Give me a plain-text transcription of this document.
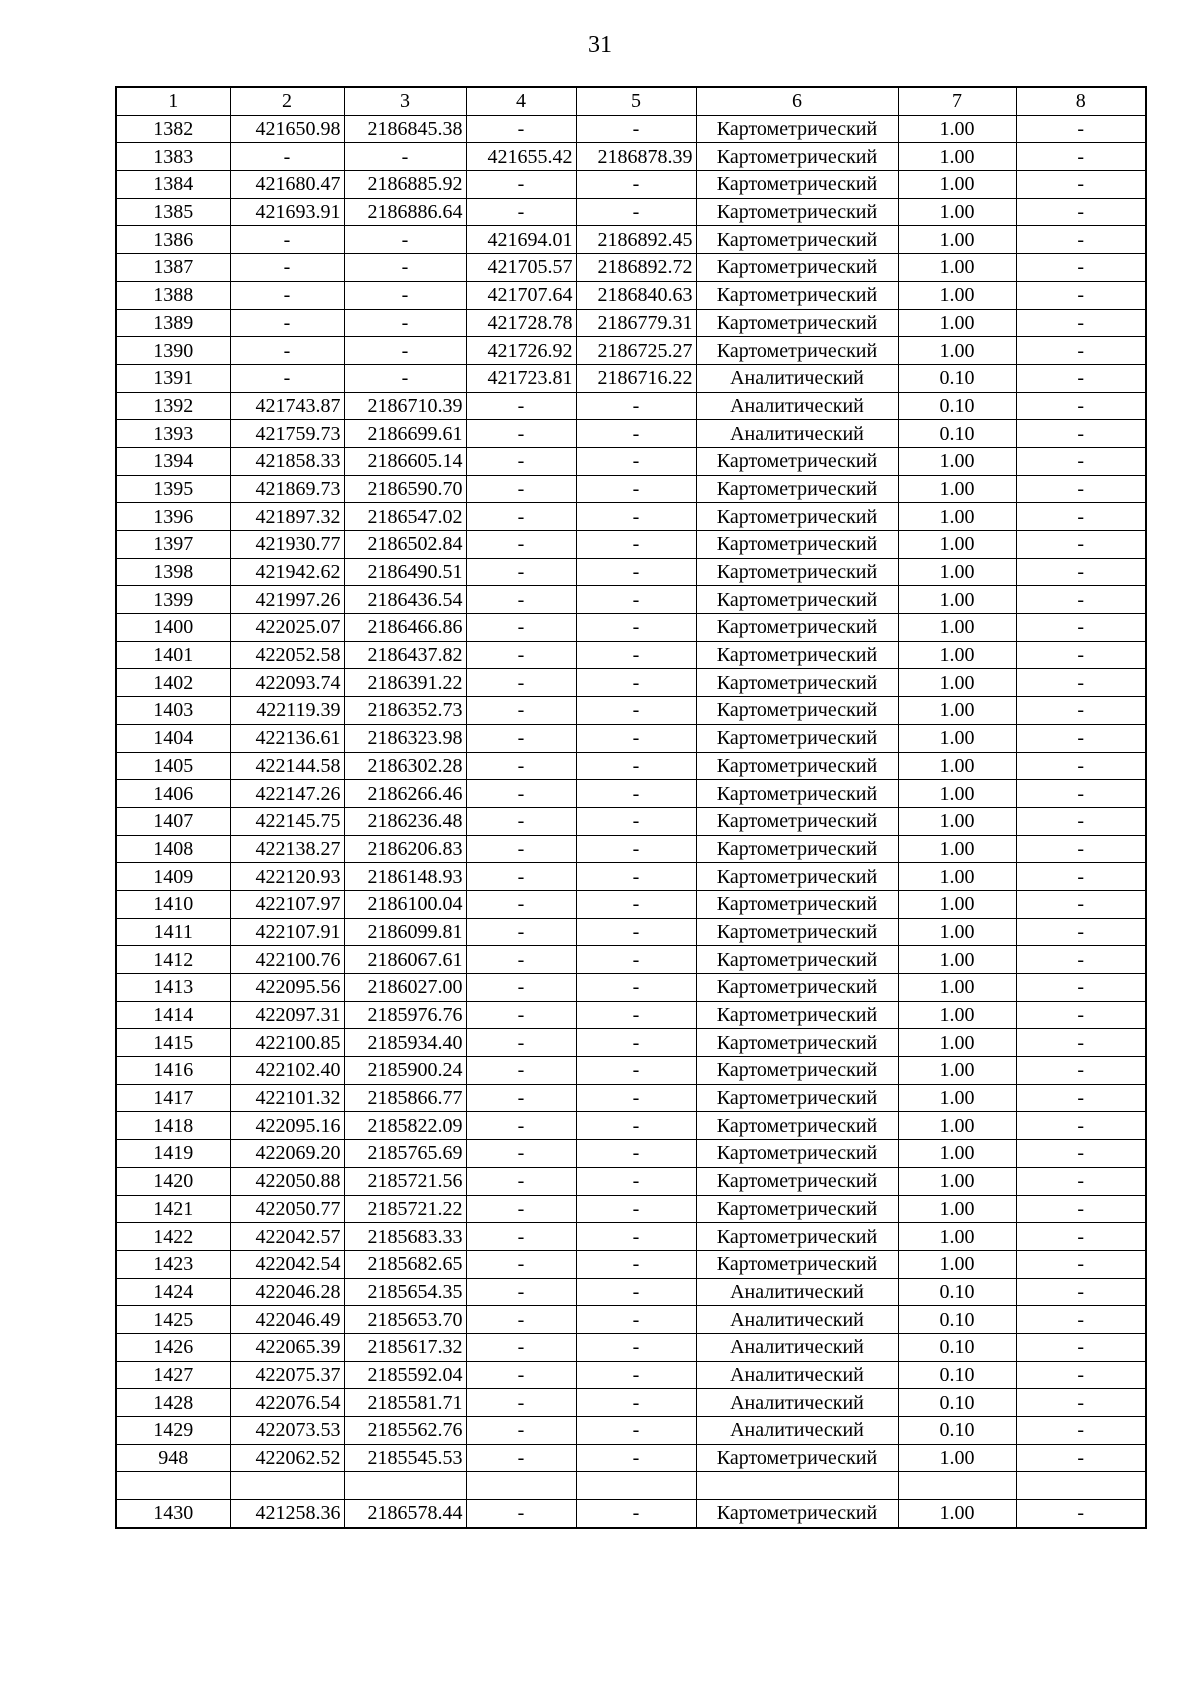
31
1	2	3	4	5	6	7	8
1382	421650.98	2186845.38	-	-	Картометрический	1.00	-
1383	-	-	421655.42	2186878.39	Картометрический	1.00	-
1384	421680.47	2186885.92	-	-	Картометрический	1.00	-
1385	421693.91	2186886.64	-	-	Картометрический	1.00	-
1386	-	-	421694.01	2186892.45	Картометрический	1.00	-
1387	-	-	421705.57	2186892.72	Картометрический	1.00	-
1388	-	-	421707.64	2186840.63	Картометрический	1.00	-
1389	-	-	421728.78	2186779.31	Картометрический	1.00	-
1390	-	-	421726.92	2186725.27	Картометрический	1.00	-
1391	-	-	421723.81	2186716.22	Аналитический	0.10	-
1392	421743.87	2186710.39	-	-	Аналитический	0.10	-
1393	421759.73	2186699.61	-	-	Аналитический	0.10	-
1394	421858.33	2186605.14	-	-	Картометрический	1.00	-
1395	421869.73	2186590.70	-	-	Картометрический	1.00	-
1396	421897.32	2186547.02	-	-	Картометрический	1.00	-
1397	421930.77	2186502.84	-	-	Картометрический	1.00	-
1398	421942.62	2186490.51	-	-	Картометрический	1.00	-
1399	421997.26	2186436.54	-	-	Картометрический	1.00	-
1400	422025.07	2186466.86	-	-	Картометрический	1.00	-
1401	422052.58	2186437.82	-	-	Картометрический	1.00	-
1402	422093.74	2186391.22	-	-	Картометрический	1.00	-
1403	422119.39	2186352.73	-	-	Картометрический	1.00	-
1404	422136.61	2186323.98	-	-	Картометрический	1.00	-
1405	422144.58	2186302.28	-	-	Картометрический	1.00	-
1406	422147.26	2186266.46	-	-	Картометрический	1.00	-
1407	422145.75	2186236.48	-	-	Картометрический	1.00	-
1408	422138.27	2186206.83	-	-	Картометрический	1.00	-
1409	422120.93	2186148.93	-	-	Картометрический	1.00	-
1410	422107.97	2186100.04	-	-	Картометрический	1.00	-
1411	422107.91	2186099.81	-	-	Картометрический	1.00	-
1412	422100.76	2186067.61	-	-	Картометрический	1.00	-
1413	422095.56	2186027.00	-	-	Картометрический	1.00	-
1414	422097.31	2185976.76	-	-	Картометрический	1.00	-
1415	422100.85	2185934.40	-	-	Картометрический	1.00	-
1416	422102.40	2185900.24	-	-	Картометрический	1.00	-
1417	422101.32	2185866.77	-	-	Картометрический	1.00	-
1418	422095.16	2185822.09	-	-	Картометрический	1.00	-
1419	422069.20	2185765.69	-	-	Картометрический	1.00	-
1420	422050.88	2185721.56	-	-	Картометрический	1.00	-
1421	422050.77	2185721.22	-	-	Картометрический	1.00	-
1422	422042.57	2185683.33	-	-	Картометрический	1.00	-
1423	422042.54	2185682.65	-	-	Картометрический	1.00	-
1424	422046.28	2185654.35	-	-	Аналитический	0.10	-
1425	422046.49	2185653.70	-	-	Аналитический	0.10	-
1426	422065.39	2185617.32	-	-	Аналитический	0.10	-
1427	422075.37	2185592.04	-	-	Аналитический	0.10	-
1428	422076.54	2185581.71	-	-	Аналитический	0.10	-
1429	422073.53	2185562.76	-	-	Аналитический	0.10	-
948	422062.52	2185545.53	-	-	Картометрический	1.00	-

1430	421258.36	2186578.44	-	-	Картометрический	1.00	-
